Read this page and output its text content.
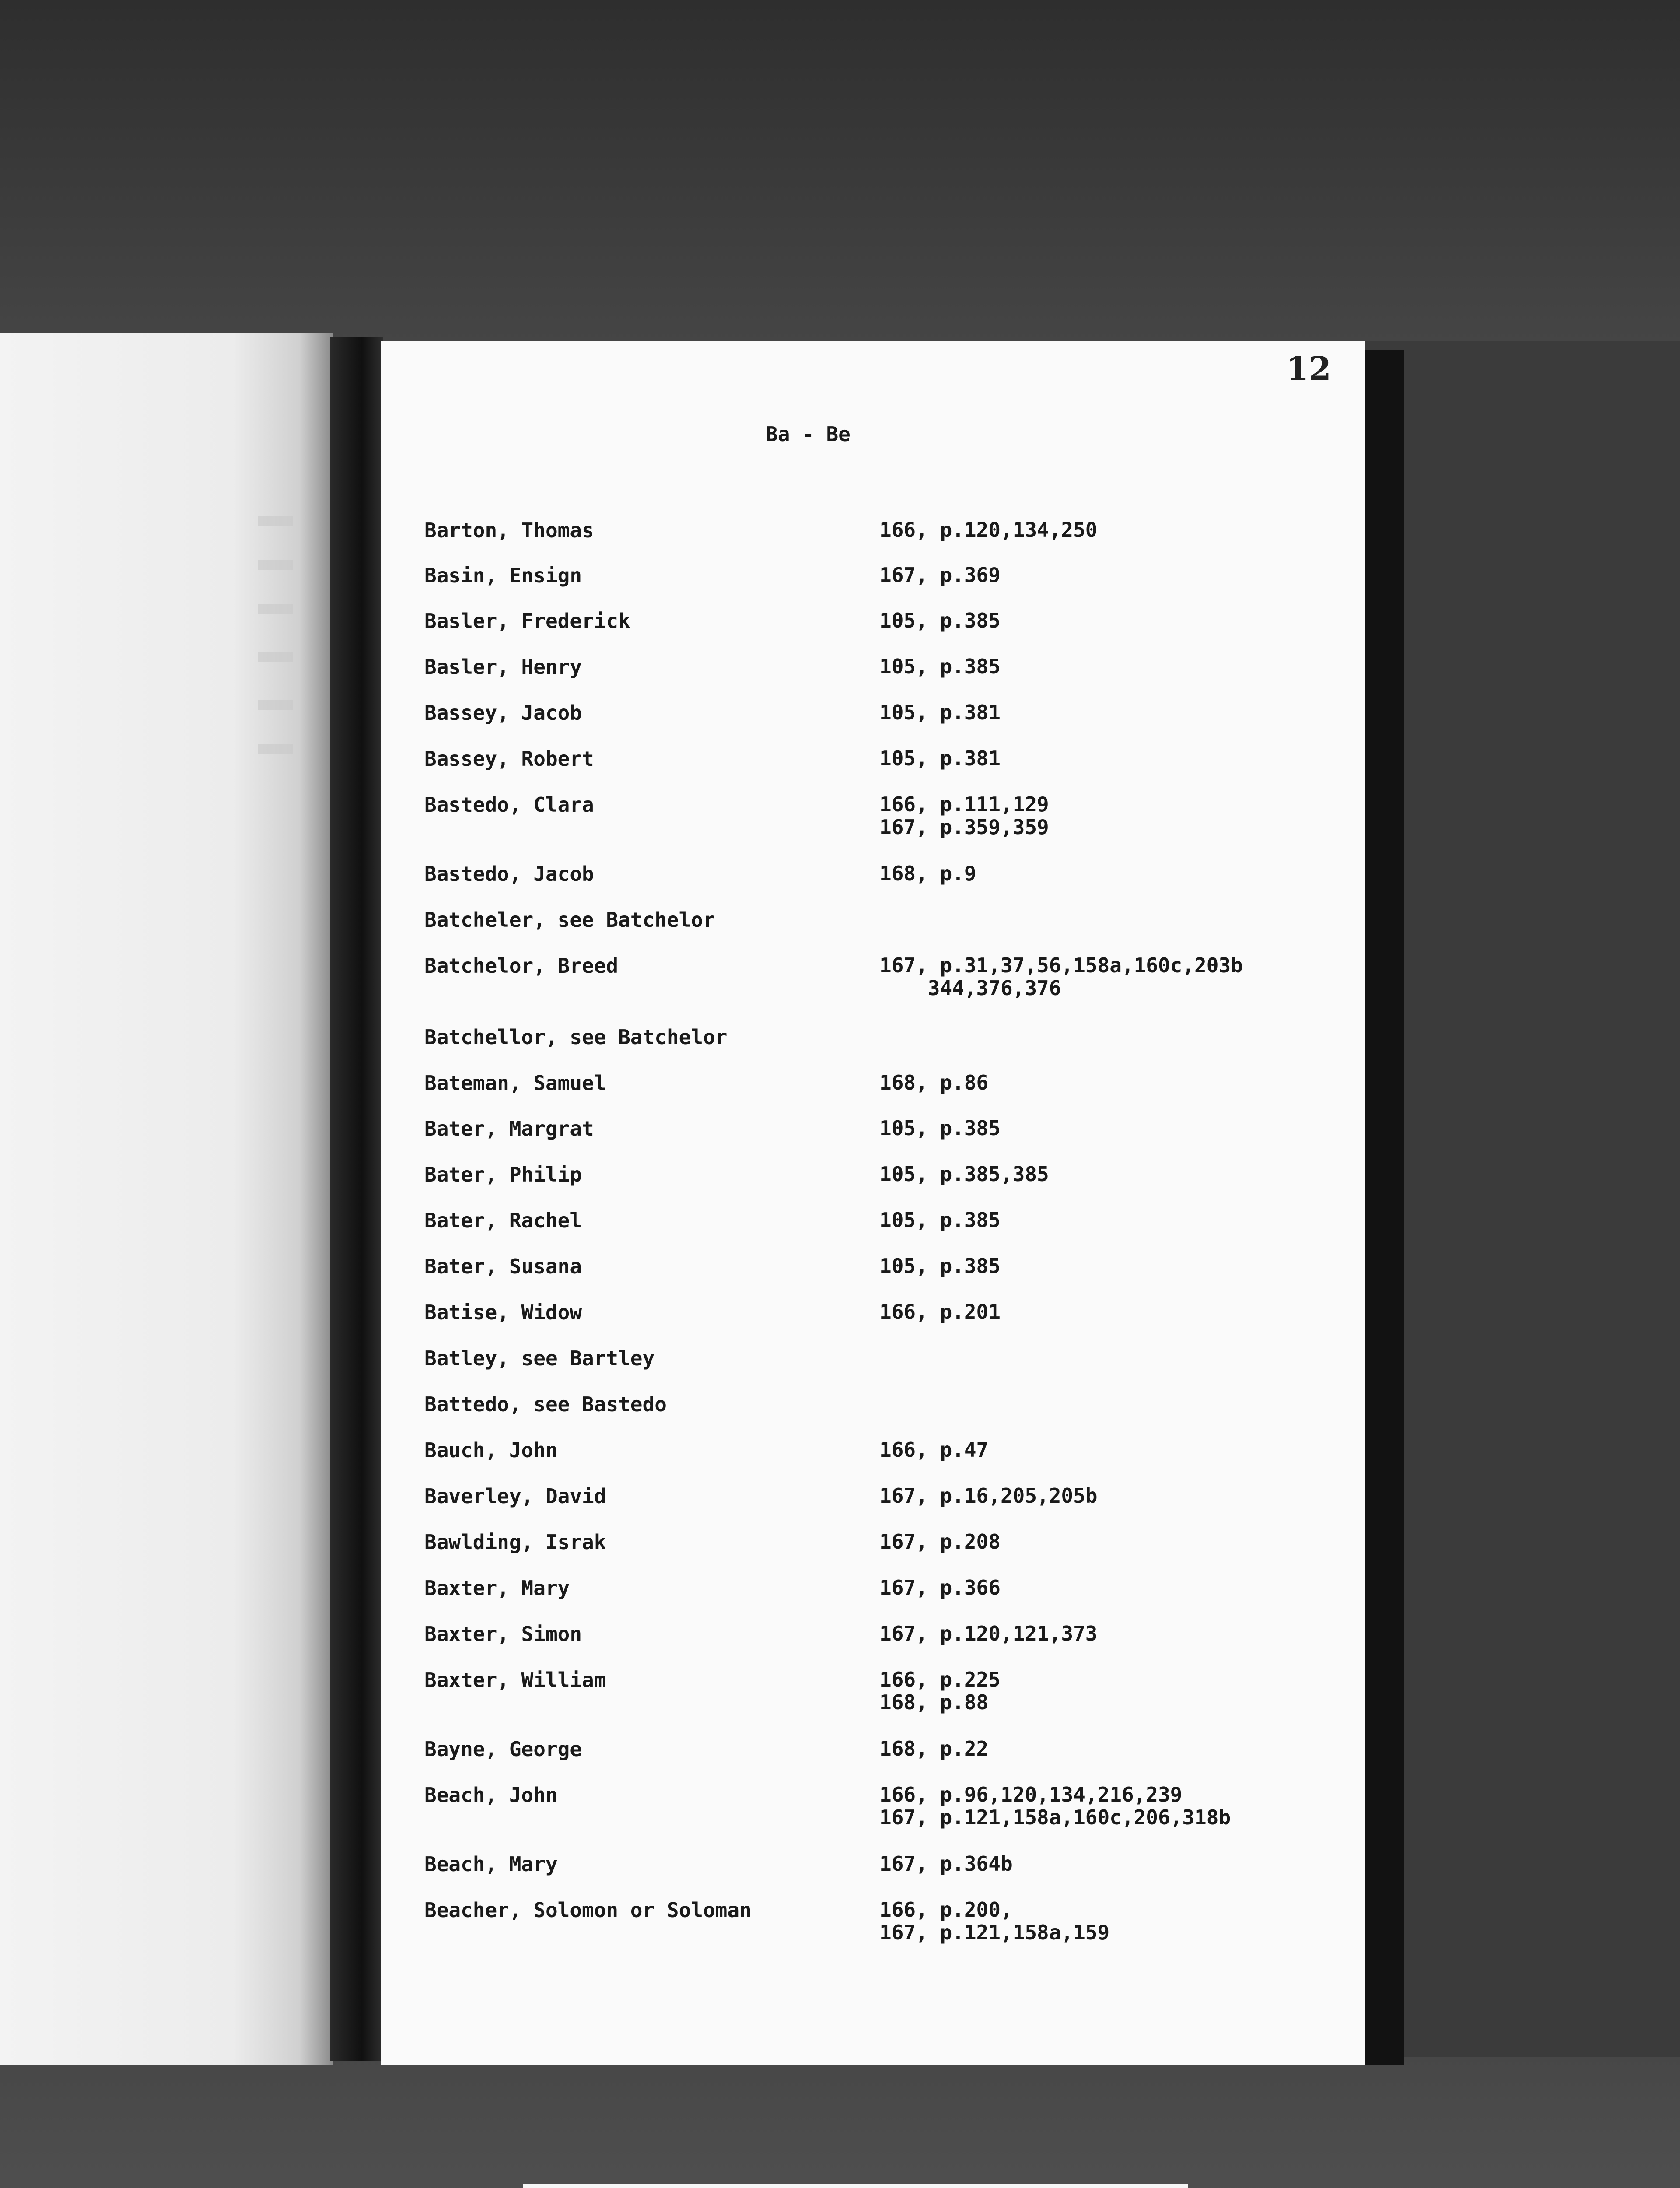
12
Ba - Be
Barton, Thomas	166, p.120,134,250
Basin, Ensign	167, p.369
Basler, Frederick	105, p.385
Basler, Henry	105, p.385
Bassey, Jacob	105, p.381
Bassey, Robert	105, p.381
Bastedo, Clara	166, p.111,129
167, p.359,359
Bastedo, Jacob	168, p.9
Batcheler, see Batchelor
Batchelor, Breed	167, p.31,37,56,158a,160c,203b
344,376,376
Batchellor, see Batchelor
Bateman, Samuel	168, p.86
Bater, Margrat	105, p.385
Bater, Philip	105, p.385,385
Bater, Rachel	105, p.385
Bater, Susana	105, p.385
Batise, Widow	166, p.201
Batley, see Bartley
Battedo, see Bastedo
Bauch, John	166, p.47
Baverley, David	167, p.16,205,205b
Bawlding, Israk	167, p.208
Baxter, Mary	167, p.366
Baxter, Simon	167, p.120,121,373
Baxter, William	166, p.225
168, p.88
Bayne, George	168, p.22
Beach, John	166, p.96,120,134,216,239
167, p.121,158a,160c,206,318b
Beach, Mary	167, p.364b
Beacher, Solomon or Soloman	166, p.200,
167, p.121,158a,159
